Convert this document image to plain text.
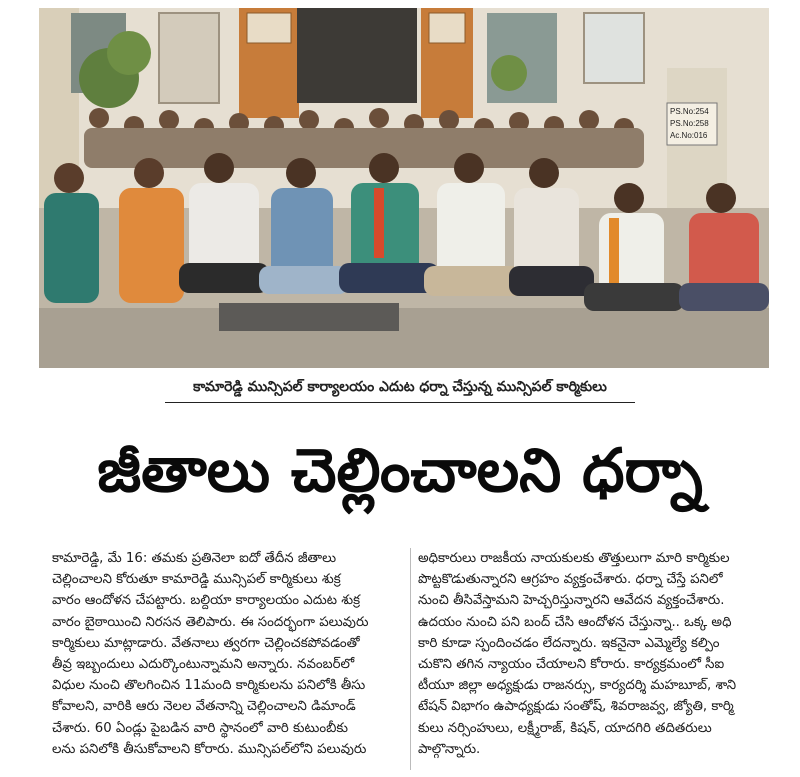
PS.No:254
PS.No:258
Ac.No:016
కామారెడ్డి మున్సిపల్ కార్యాలయం ఎదుట ధర్నా చేస్తున్న మున్సిపల్ కార్మికులు
జీతాలు చెల్లించాలని ధర్నా

కామారెడ్డి, మే 16: తమకు ప్రతినెలా ఐదో తేదీన జీతాలు

చెల్లించాలని కోరుతూ కామారెడ్డి మున్సిపల్ కార్మికులు శుక్ర

వారం ఆందోళన చేపట్టారు. బల్దియా కార్యాలయం ఎదుట శుక్ర

వారం బైఠాయించి నిరసన తెలిపారు. ఈ సందర్భంగా పలువురు

కార్మికులు మాట్లాడారు. వేతనాలు త్వరగా చెల్లించకపోవడంతో

తీవ్ర ఇబ్బందులు ఎదుర్కొంటున్నామని అన్నారు. నవంబర్‌లో

విధుల నుంచి తొలగించిన 11మంది కార్మికులను పనిలోకి తీసు

కోవాలని, వారికి ఆరు నెలల వేతనాన్ని చెల్లించాలని డిమాండ్

చేశారు. 60 ఏండ్లు పైబడిన వారి స్థానంలో వారి కుటుంబీకు

లను పనిలోకి తీసుకోవాలని కోరారు. మున్సిపల్‌లోని పలువురు

అధికారులు రాజకీయ నాయకులకు తొత్తులుగా మారి కార్మికుల

పొట్టకొడుతున్నారని ఆగ్రహం వ్యక్తంచేశారు. ధర్నా చేస్తే పనిలో

నుంచి తీసివేస్తామని హెచ్చరిస్తున్నారని ఆవేదన వ్యక్తంచేశారు.

ఉదయం నుంచి పని బంద్ చేసి ఆందోళన చేస్తున్నా.. ఒక్క అధి

కారి కూడా స్పందించడం లేదన్నారు. ఇకనైనా ఎమ్మెల్యే కల్పిం

చుకొని తగిన న్యాయం చేయాలని కోరారు. కార్యక్రమంలో సీఐ

టీయూ జిల్లా అధ్యక్షుడు రాజనర్సు, కార్యదర్శి మహబూబ్, శాని

టేషన్ విభాగం ఉపాధ్యక్షుడు సంతోష్, శివరాజవ్వ, జ్యోతి, కార్మి

కులు నర్సింహులు, లక్ష్మీరాజ్, కిషన్, యాదగిరి తదితరులు

పాల్గొన్నారు.
